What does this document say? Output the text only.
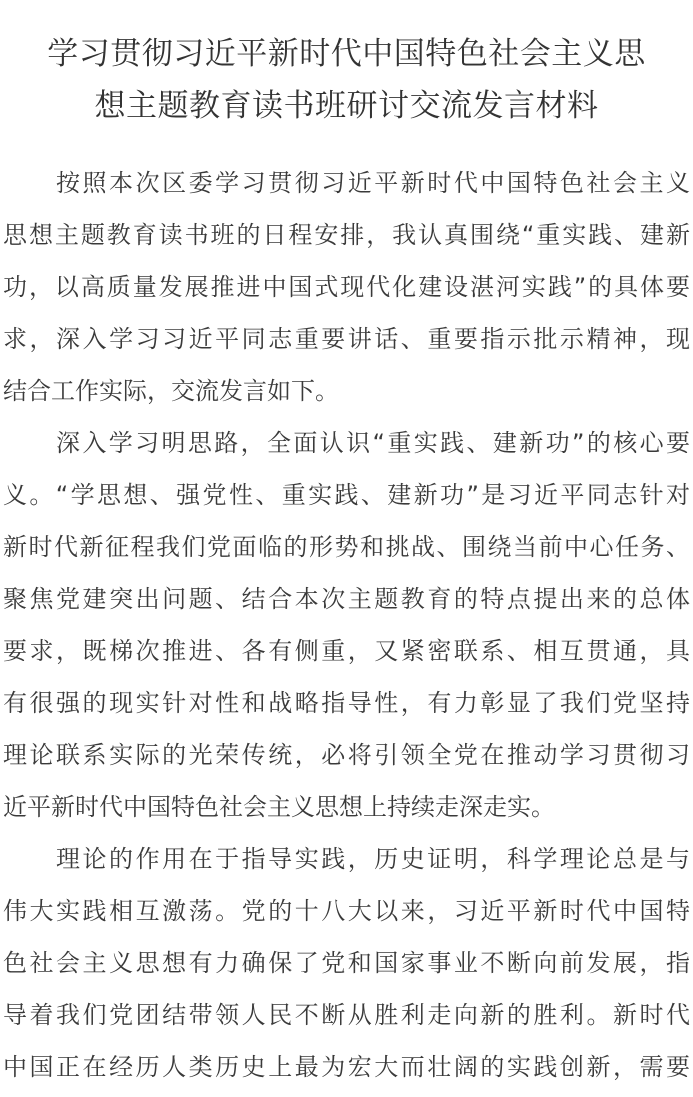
学习贯彻习近平新时代中国特色社会主义思
想主题教育读书班研讨交流发言材料
按照本次区委学习贯彻习近平新时代中国特色社会主义
思想主题教育读书班的日程安排，我认真围绕“重实践、建新
功，以高质量发展推进中国式现代化建设湛河实践”的具体要
求，深入学习习近平同志重要讲话、重要指示批示精神，现
结合工作实际，交流发言如下。
深入学习明思路，全面认识“重实践、建新功”的核心要
义。“学思想、强党性、重实践、建新功”是习近平同志针对
新时代新征程我们党面临的形势和挑战、围绕当前中心任务、
聚焦党建突出问题、结合本次主题教育的特点提出来的总体
要求，既梯次推进、各有侧重，又紧密联系、相互贯通，具
有很强的现实针对性和战略指导性，有力彰显了我们党坚持
理论联系实际的光荣传统，必将引领全党在推动学习贯彻习
近平新时代中国特色社会主义思想上持续走深走实。
理论的作用在于指导实践，历史证明，科学理论总是与
伟大实践相互激荡。党的十八大以来，习近平新时代中国特
色社会主义思想有力确保了党和国家事业不断向前发展，指
导着我们党团结带领人民不断从胜利走向新的胜利。新时代
中国正在经历人类历史上最为宏大而壮阔的实践创新，需要
